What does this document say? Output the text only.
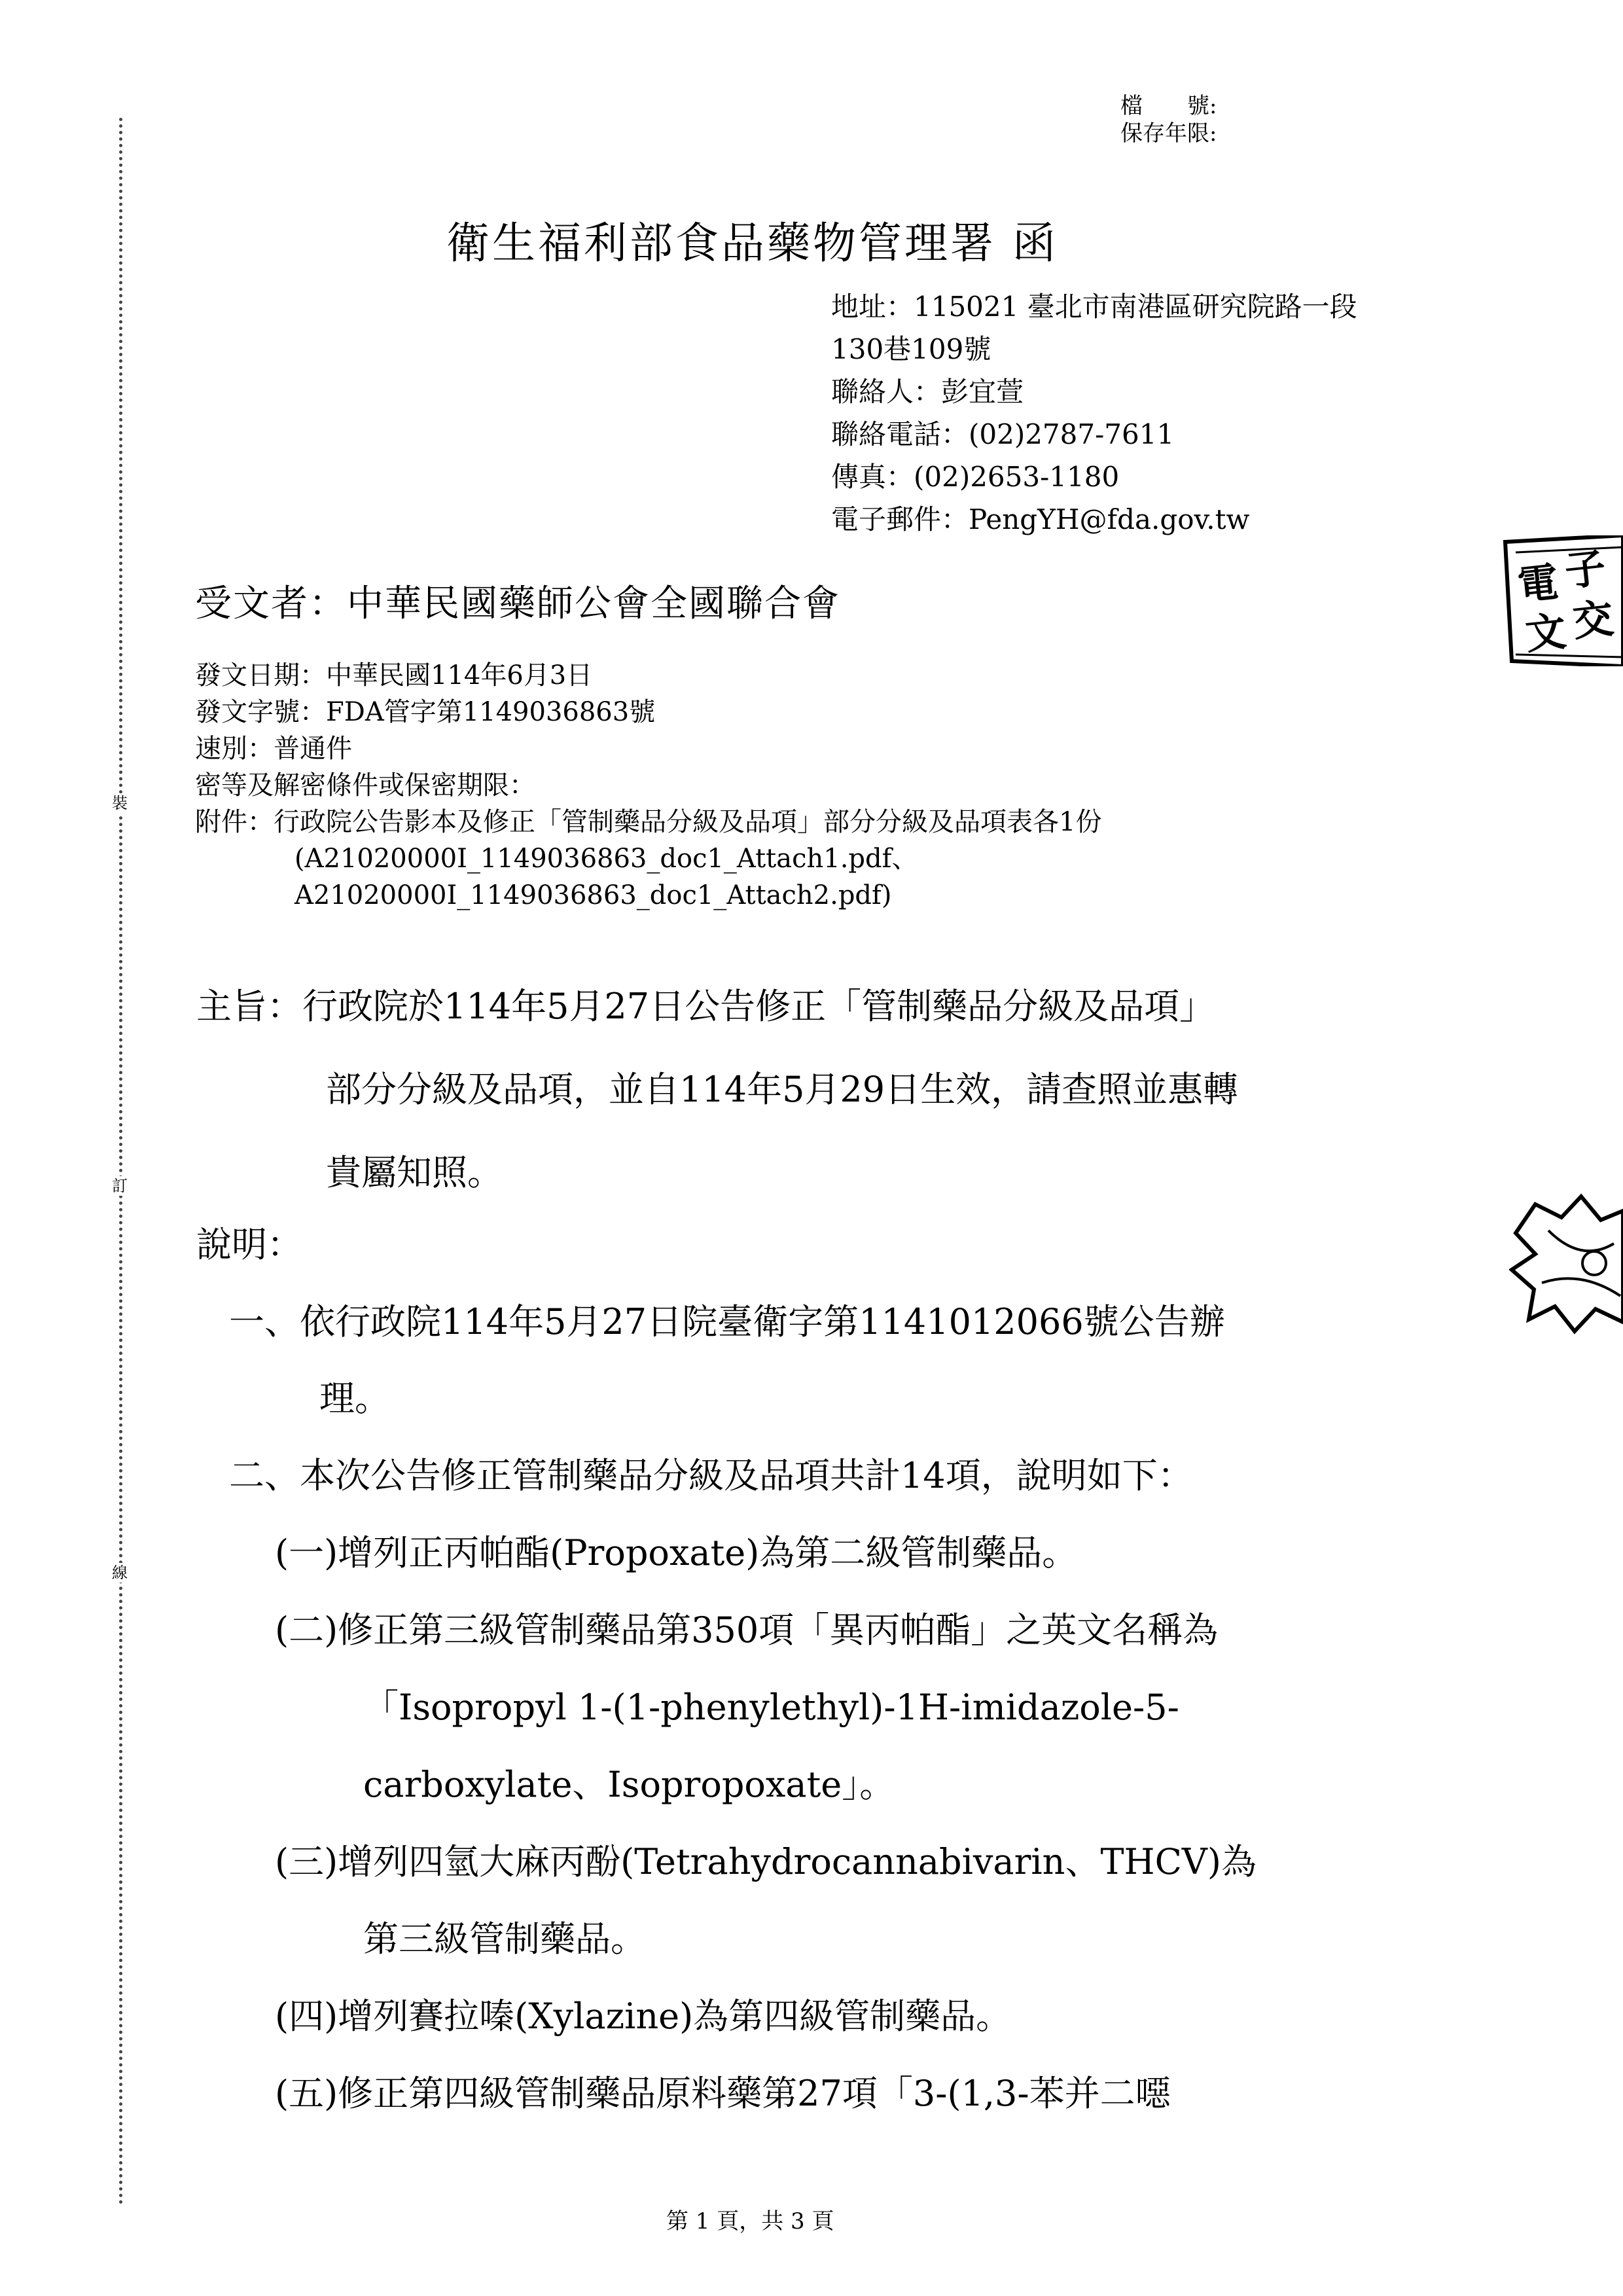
裝
訂
線
檔　　號:
保存年限:
衛生福利部食品藥物管理署 函
地址：115021 臺北市南港區研究院路一段
130巷109號
聯絡人：彭宜萱
聯絡電話：(02)2787-7611
傳真：(02)2653-1180
電子郵件：PengYH@fda.gov.tw
電 子
文 交
受文者：中華民國藥師公會全國聯合會
發文日期：中華民國114年6月3日
發文字號：FDA管字第1149036863號
速別：普通件
密等及解密條件或保密期限：
附件：行政院公告影本及修正「管制藥品分級及品項」部分分級及品項表各1份
(A21020000I_1149036863_doc1_Attach1.pdf、
A21020000I_1149036863_doc1_Attach2.pdf)
主旨：行政院於114年5月27日公告修正「管制藥品分級及品項」
部分分級及品項，並自114年5月29日生效，請查照並惠轉
貴屬知照。
說明：
一、依行政院114年5月27日院臺衛字第1141012066號公告辦
理。
二、本次公告修正管制藥品分級及品項共計14項，說明如下：
(一)增列正丙帕酯(Propoxate)為第二級管制藥品。
(二)修正第三級管制藥品第350項「異丙帕酯」之英文名稱為
「Isopropyl 1-(1-phenylethyl)-1H-imidazole-5-
carboxylate、Isopropoxate」。
(三)增列四氫大麻丙酚(Tetrahydrocannabivarin、THCV)為
第三級管制藥品。
(四)增列賽拉嗪(Xylazine)為第四級管制藥品。
(五)修正第四級管制藥品原料藥第27項「3-(1,3-苯并二噁
第 1 頁，共 3 頁
